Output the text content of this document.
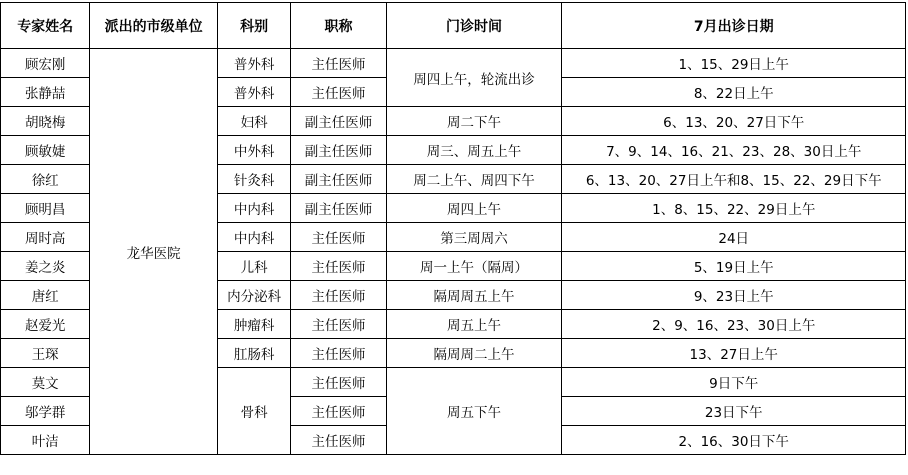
专家姓名	派出的市级单位	科别	职称	门诊时间	7月出诊日期
顾宏刚	龙华医院	普外科	主任医师	周四上午，轮流出诊	1、15、29日上午
张静喆		普外科	主任医师		8、22日上午
胡晓梅		妇科	副主任医师	周二下午	6、13、20、27日下午
顾敏婕		中外科	副主任医师	周三、周五上午	7、9、14、16、21、23、28、30日上午
徐红		针灸科	副主任医师	周二上午、周四下午	6、13、20、27日上午和8、15、22、29日下午
顾明昌		中内科	副主任医师	周四上午	1、8、15、22、29日上午
周时高		中内科	主任医师	第三周周六	24日
姜之炎		儿科	主任医师	周一上午（隔周）	5、19日上午
唐红		内分泌科	主任医师	隔周周五上午	9、23日上午
赵爱光		肿瘤科	主任医师	周五上午	2、9、16、23、30日上午
王琛		肛肠科	主任医师	隔周周二上午	13、27日上午
莫文		骨科	主任医师	周五下午	9日下午
邬学群			主任医师		23日下午
叶洁			主任医师		2、16、30日下午
